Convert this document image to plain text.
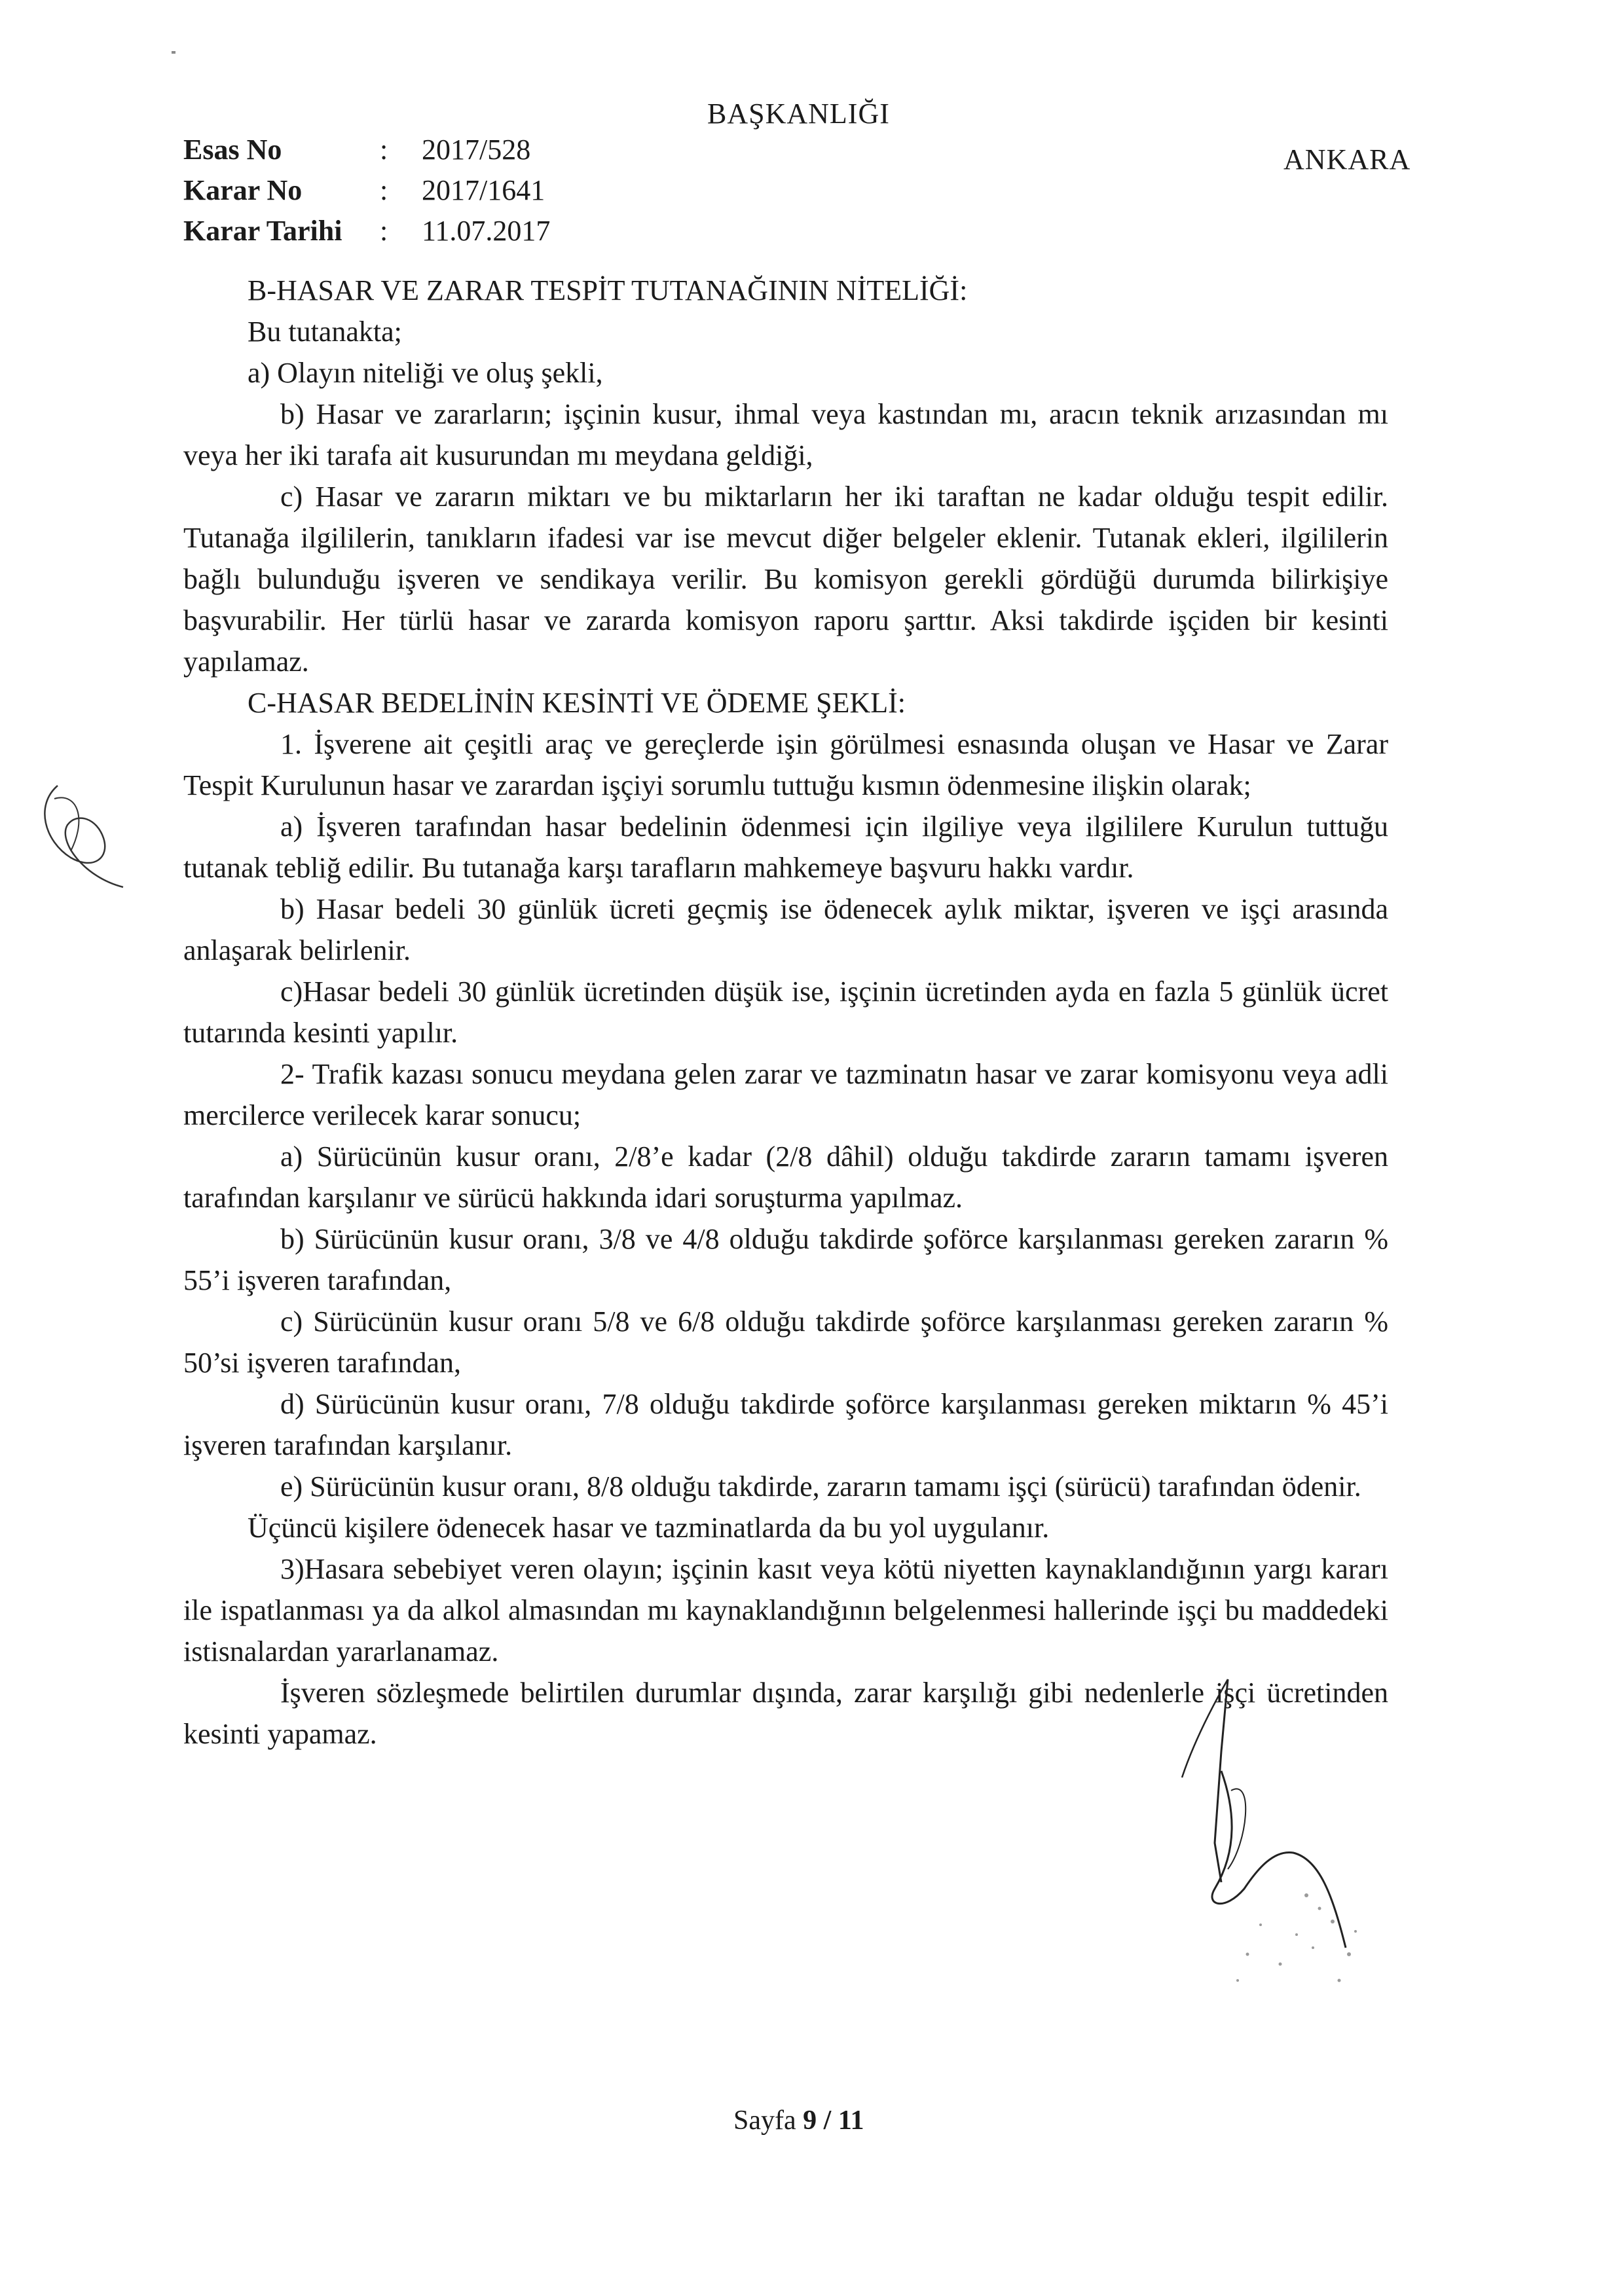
BAŞKANLIĞI
ANKARA
Esas No	:	2017/528
Karar No	:	2017/1641
Karar Tarihi	:	11.07.2017

B-HASAR VE ZARAR TESPİT TUTANAĞININ NİTELİĞİ:

Bu tutanakta;

a) Olayın niteliği ve oluş şekli,

b) Hasar ve zararların; işçinin kusur, ihmal veya kastından mı, aracın teknik arızasından mı veya her iki tarafa ait kusurundan mı meydana geldiği,

c) Hasar ve zararın miktarı ve bu miktarların her iki taraftan ne kadar olduğu tespit edilir. Tutanağa ilgililerin, tanıkların ifadesi var ise mevcut diğer belgeler eklenir. Tutanak ekleri, ilgililerin bağlı bulunduğu işveren ve sendikaya verilir. Bu komisyon gerekli gördüğü durumda bilirkişiye başvurabilir. Her türlü hasar ve zararda komisyon raporu şarttır. Aksi takdirde işçiden bir kesinti yapılamaz.

C-HASAR BEDELİNİN KESİNTİ VE ÖDEME ŞEKLİ:

1. İşverene ait çeşitli araç ve gereçlerde işin görülmesi esnasında oluşan ve Hasar ve Zarar Tespit Kurulunun hasar ve zarardan işçiyi sorumlu tuttuğu kısmın ödenmesine ilişkin olarak;

a) İşveren tarafından hasar bedelinin ödenmesi için ilgiliye veya ilgililere Kurulun tuttuğu tutanak tebliğ edilir. Bu tutanağa karşı tarafların mahkemeye başvuru hakkı vardır.

b) Hasar bedeli 30 günlük ücreti geçmiş ise ödenecek aylık miktar, işveren ve işçi arasında anlaşarak belirlenir.

c)Hasar bedeli 30 günlük ücretinden düşük ise, işçinin ücretinden ayda en fazla 5 günlük ücret tutarında kesinti yapılır.

2- Trafik kazası sonucu meydana gelen zarar ve tazminatın hasar ve zarar komisyonu veya adli mercilerce verilecek karar sonucu;

a) Sürücünün kusur oranı, 2/8’e kadar (2/8 dâhil) olduğu takdirde zararın tamamı işveren tarafından karşılanır ve sürücü hakkında idari soruşturma yapılmaz.

b) Sürücünün kusur oranı, 3/8 ve 4/8 olduğu takdirde şoförce karşılanması gereken zararın % 55’i işveren tarafından,

c) Sürücünün kusur oranı 5/8 ve 6/8 olduğu takdirde şoförce karşılanması gereken zararın % 50’si işveren tarafından,

d) Sürücünün kusur oranı, 7/8 olduğu takdirde şoförce karşılanması gereken miktarın % 45’i işveren tarafından karşılanır.

e) Sürücünün kusur oranı, 8/8 olduğu takdirde, zararın tamamı işçi (sürücü) tarafından ödenir.

Üçüncü kişilere ödenecek hasar ve tazminatlarda da bu yol uygulanır.

3)Hasara sebebiyet veren olayın; işçinin kasıt veya kötü niyetten kaynaklandığının yargı kararı ile ispatlanması ya da alkol almasından mı kaynaklandığının belgelenmesi hallerinde işçi bu maddedeki istisnalardan yararlanamaz.

İşveren sözleşmede belirtilen durumlar dışında, zarar karşılığı gibi nedenlerle işçi ücretinden kesinti yapamaz.

Sayfa 9 / 11
